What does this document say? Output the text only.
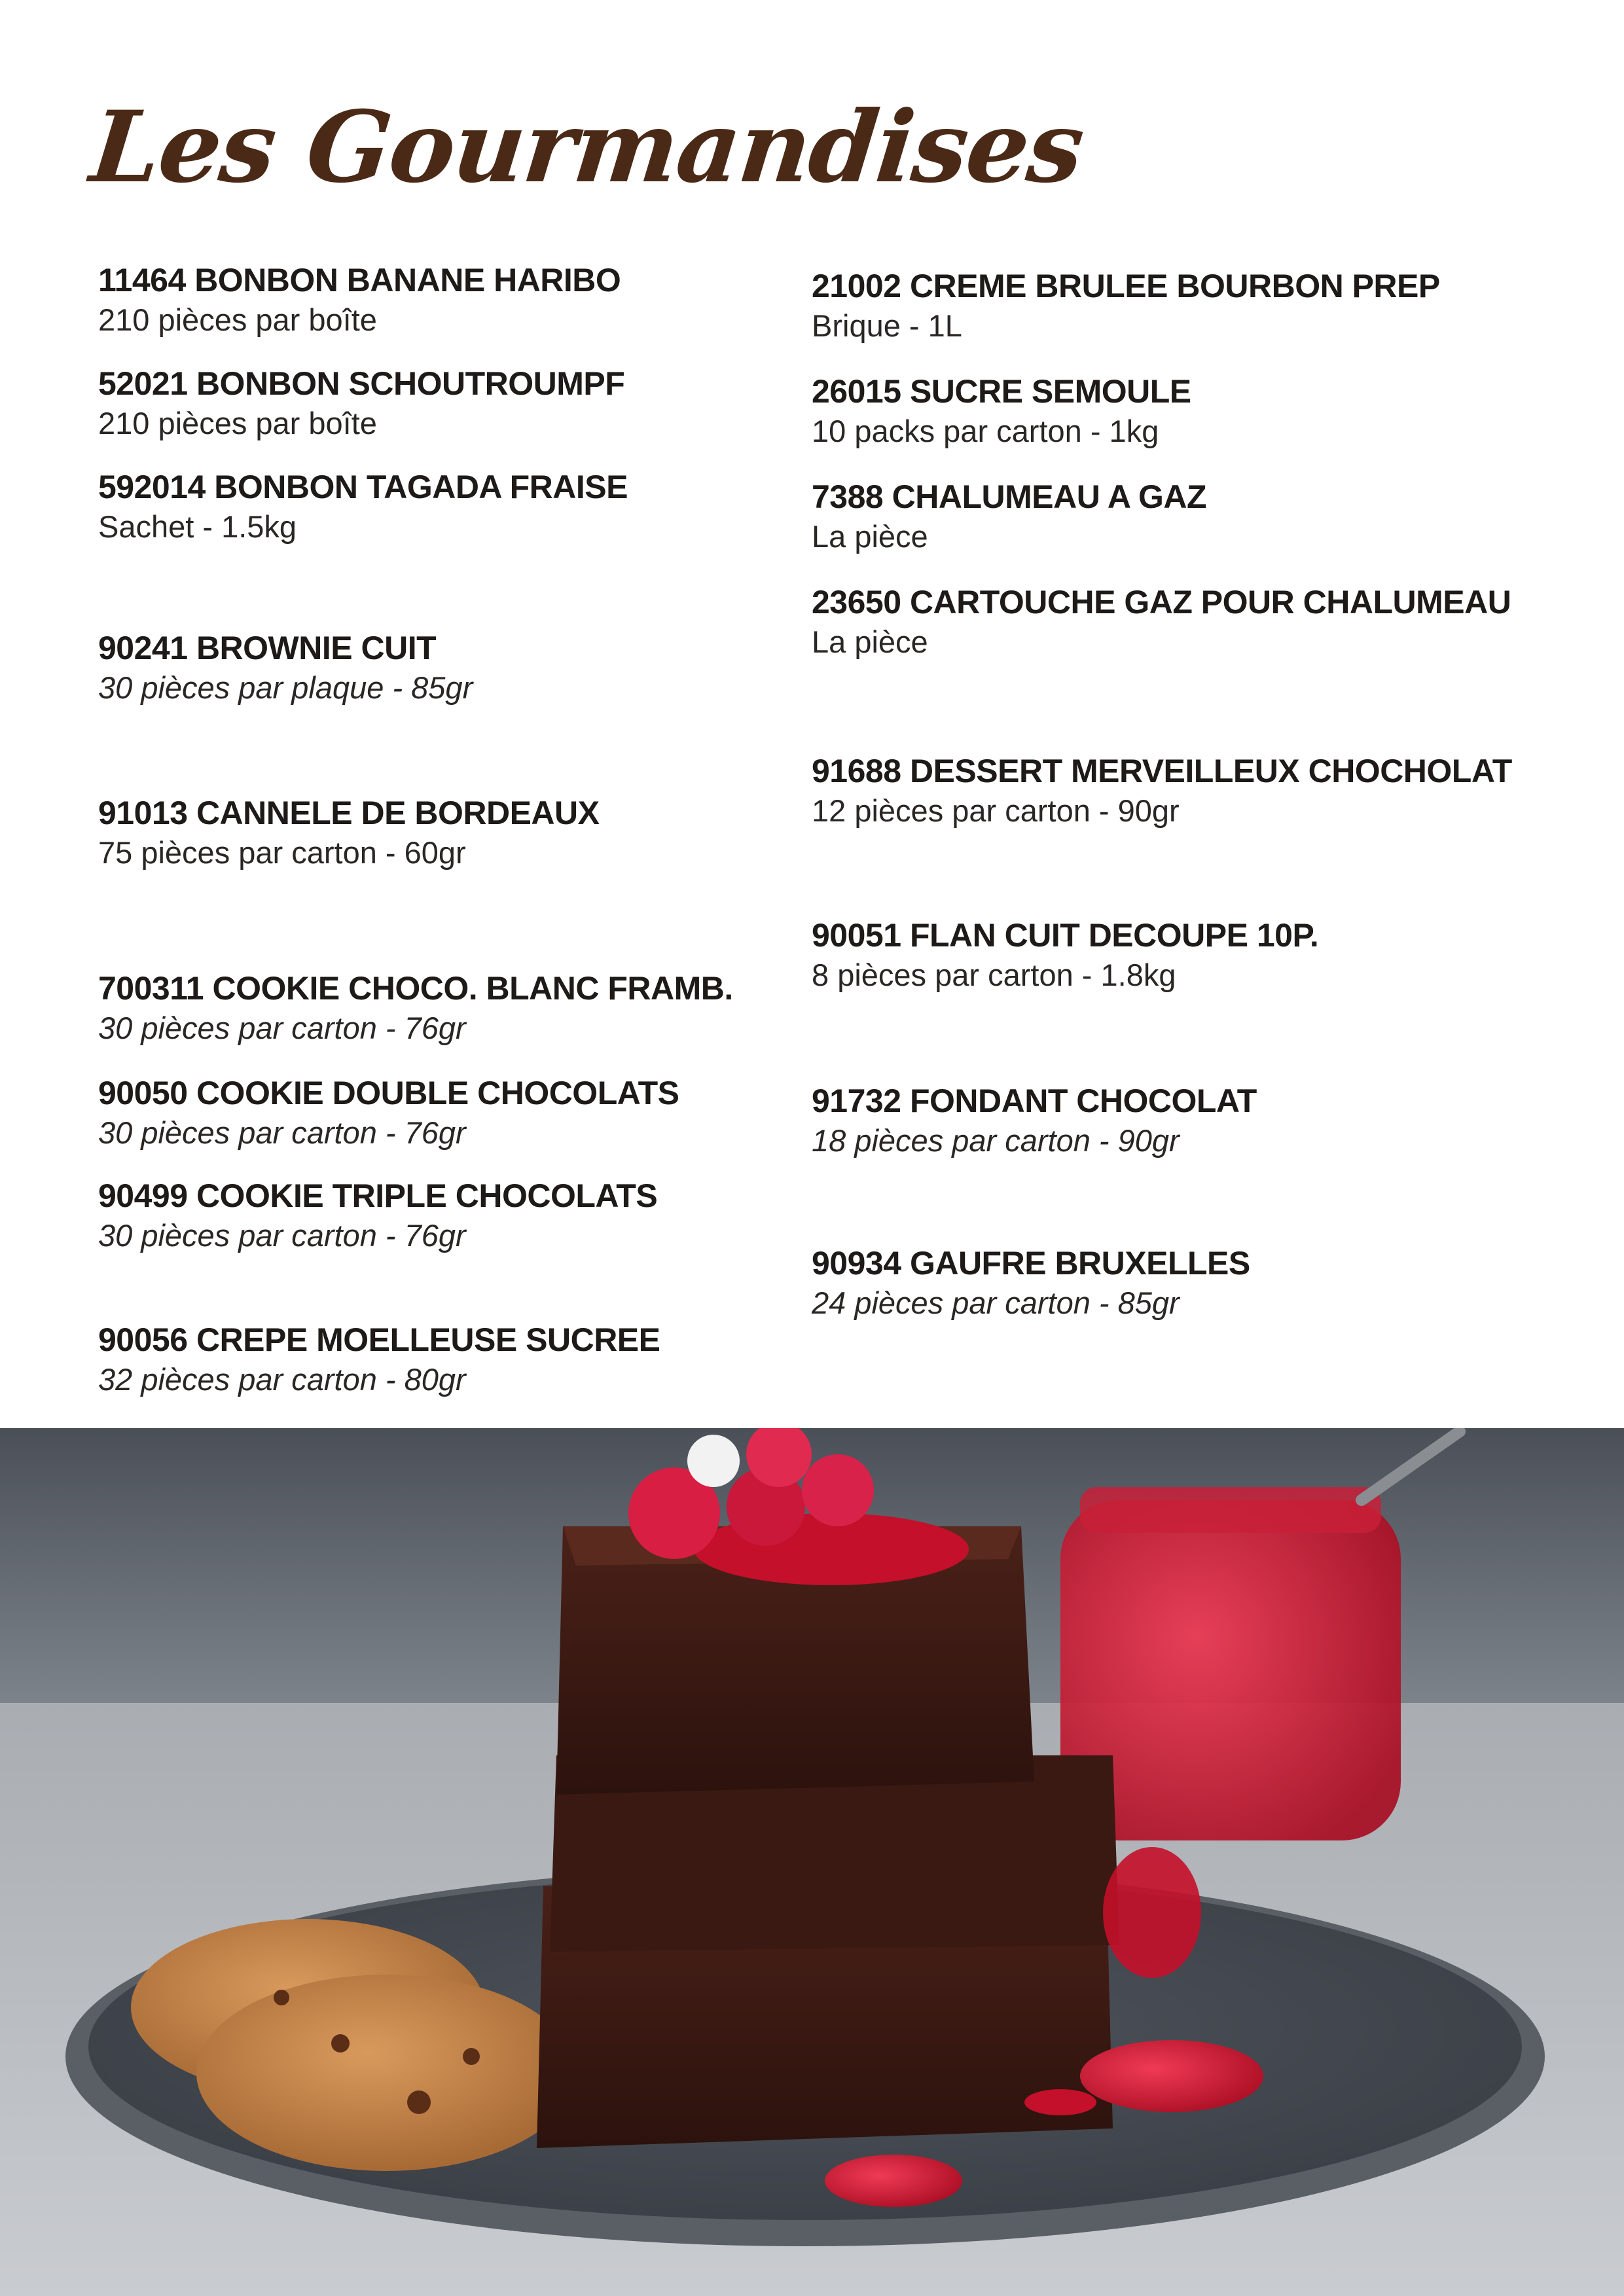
Les Gourmandises
11464 BONBON BANANE HARIBO
210 pièces par boîte
52021 BONBON SCHOUTROUMPF
210 pièces par boîte
592014 BONBON TAGADA FRAISE
Sachet - 1.5kg
90241 BROWNIE CUIT
30 pièces par plaque - 85gr
91013 CANNELE DE BORDEAUX
75 pièces par carton - 60gr
700311 COOKIE CHOCO. BLANC FRAMB.
30 pièces par carton - 76gr
90050 COOKIE DOUBLE CHOCOLATS
30 pièces par carton - 76gr
90499 COOKIE TRIPLE CHOCOLATS
30 pièces par carton - 76gr
90056 CREPE MOELLEUSE SUCREE
32 pièces par carton - 80gr
21002 CREME BRULEE BOURBON PREP
Brique - 1L
26015 SUCRE SEMOULE
10 packs par carton - 1kg
7388 CHALUMEAU A GAZ
La pièce
23650 CARTOUCHE GAZ POUR CHALUMEAU
La pièce
91688 DESSERT MERVEILLEUX CHOCHOLAT
12 pièces par carton - 90gr
90051 FLAN CUIT DECOUPE 10P.
8 pièces par carton - 1.8kg
91732 FONDANT CHOCOLAT
18 pièces par carton - 90gr
90934 GAUFRE BRUXELLES
24 pièces par carton - 85gr
